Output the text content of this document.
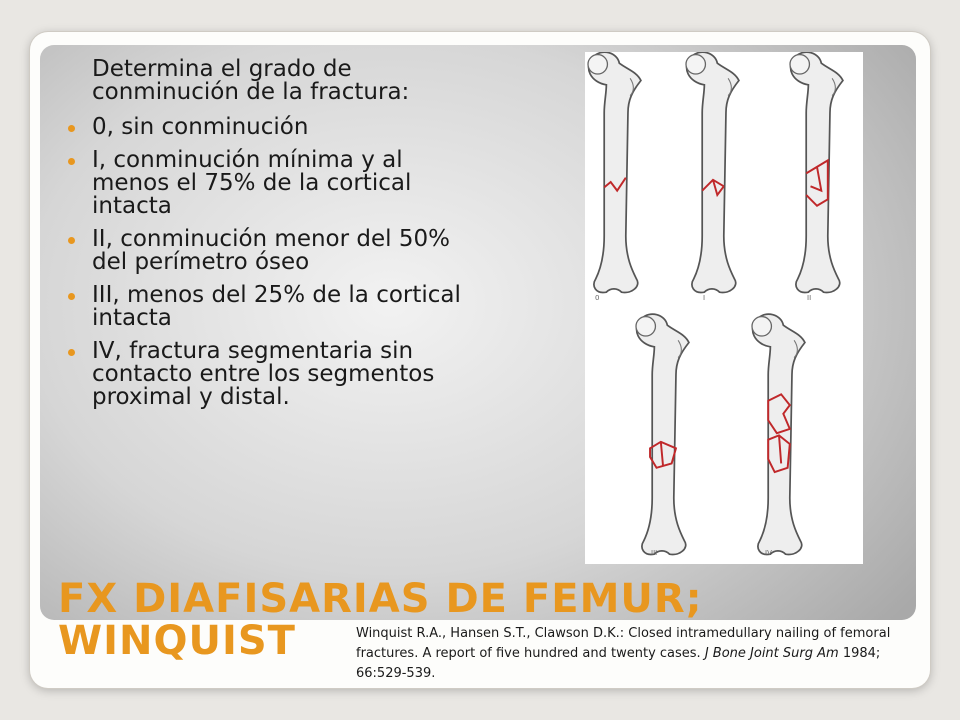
Determina el grado de conminución de la fractura:
0, sin conminución
I, conminución mínima y al menos el 75% de la cortical intacta
II, conminución menor del 50% del perímetro óseo
III, menos del 25% de la cortical intacta
IV, fractura segmentaria sin contacto entre los segmentos proximal y distal.
0	I	II
III	IV
FX DIAFISARIAS DE FEMUR; WINQUIST	Winquist R.A., Hansen S.T., Clawson D.K.: Closed intramedullary nailing of femoral fractures. A report of five hundred and twenty cases. J Bone Joint Surg Am 1984; 66:529-539.
